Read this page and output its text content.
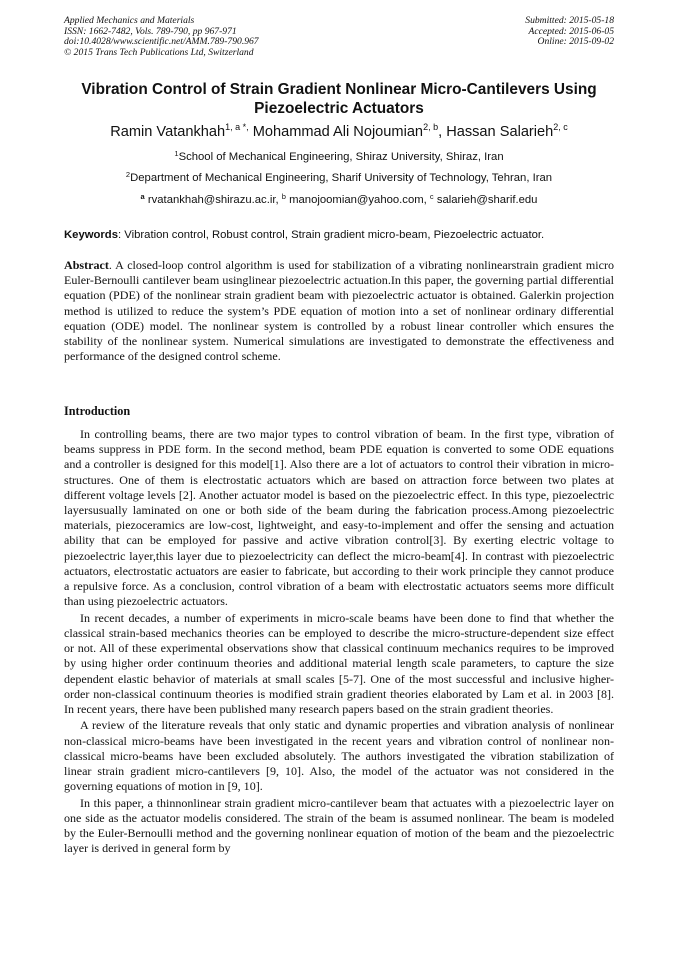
Applied Mechanics and Materials
ISSN: 1662-7482, Vols. 789-790, pp 967-971
doi:10.4028/www.scientific.net/AMM.789-790.967
© 2015 Trans Tech Publications Ltd, Switzerland
Submitted: 2015-05-18
Accepted: 2015-06-05
Online: 2015-09-02
Vibration Control of Strain Gradient Nonlinear Micro-Cantilevers Using Piezoelectric Actuators
Ramin Vatankhah$^{1, a *,}$ Mohammad Ali Nojoumian$^{2, b}$, Hassan Salarieh$^{2, c}$
$^1$School of Mechanical Engineering, Shiraz University, Shiraz, Iran
$^2$Department of Mechanical Engineering, Sharif University of Technology, Tehran, Iran
$^a$ rvatankhah@shirazu.ac.ir, $^b$ manojoomian@yahoo.com, $^c$ salarieh@sharif.edu
Keywords: Vibration control, Robust control, Strain gradient micro-beam, Piezoelectric actuator.
Abstract. A closed-loop control algorithm is used for stabilization of a vibrating nonlinearstrain gradient micro Euler-Bernoulli cantilever beam usinglinear piezoelectric actuation.In this paper, the governing partial differential equation (PDE) of the nonlinear strain gradient beam with piezoelectric actuator is obtained. Galerkin projection method is utilized to reduce the system’s PDE equation of motion into a set of nonlinear ordinary differential equation (ODE) model. The nonlinear system is controlled by a robust linear controller which ensures the stability of the nonlinear system. Numerical simulations are investigated to demonstrate the effectiveness and performance of the designed control scheme.
Introduction

In controlling beams, there are two major types to control vibration of beam. In the first type, vibration of beams suppress in PDE form. In the second method, beam PDE equation is converted to some ODE equations and a controller is designed for this model[1]. Also there are a lot of actuators to control their vibration in micro-structures. One of them is electrostatic actuators which are based on attraction force between two plates at different voltage levels [2]. Another actuator model is based on the piezoelectric effect. In this type, piezoelectric layersusually laminated on one or both side of the beam during the fabrication process.Among piezoelectric materials, piezoceramics are low-cost, lightweight, and easy-to-implement and offer the sensing and actuation ability that can be employed for passive and active vibration control[3]. By exerting electric voltage to piezoelectric layer,this layer due to piezoelectricity can deflect the micro-beam[4]. In contrast with piezoelectric actuators, electrostatic actuators are easier to fabricate, but according to their work principle they cannot produce a repulsive force. As a conclusion, control vibration of a beam with electrostatic actuators seems more difficult than using piezoelectric actuators.

In recent decades, a number of experiments in micro-scale beams have been done to find that whether the classical strain-based mechanics theories can be employed to describe the micro-structure-dependent size effect or not. All of these experimental observations show that classical continuum mechanics requires to be improved by using higher order continuum theories and additional material length scale parameters, to capture the size dependent elastic behavior of materials at small scales [5-7]. One of the most successful and inclusive higher-order non-classical continuum theories is modified strain gradient theories elaborated by Lam et al. in 2003 [8]. In recent years, there have been published many research papers based on the strain gradient theories.

A review of the literature reveals that only static and dynamic properties and vibration analysis of nonlinear non-classical micro-beams have been investigated in the recent years and vibration control of nonlinear non-classical micro-beams have been excluded absolutely. The authors investigated the vibration stabilization of linear strain gradient micro-cantilevers [9, 10]. Also, the model of the actuator was not considered in the governing equations of motion in [9, 10].

In this paper, a thinnonlinear strain gradient micro-cantilever beam that actuates with a piezoelectric layer on one side as the actuator modelis considered. The strain of the beam is assumed nonlinear. The beam is modeled by the Euler-Bernoulli method and the governing nonlinear equation of motion of the beam and the piezoelectric layer is derived in general form by
